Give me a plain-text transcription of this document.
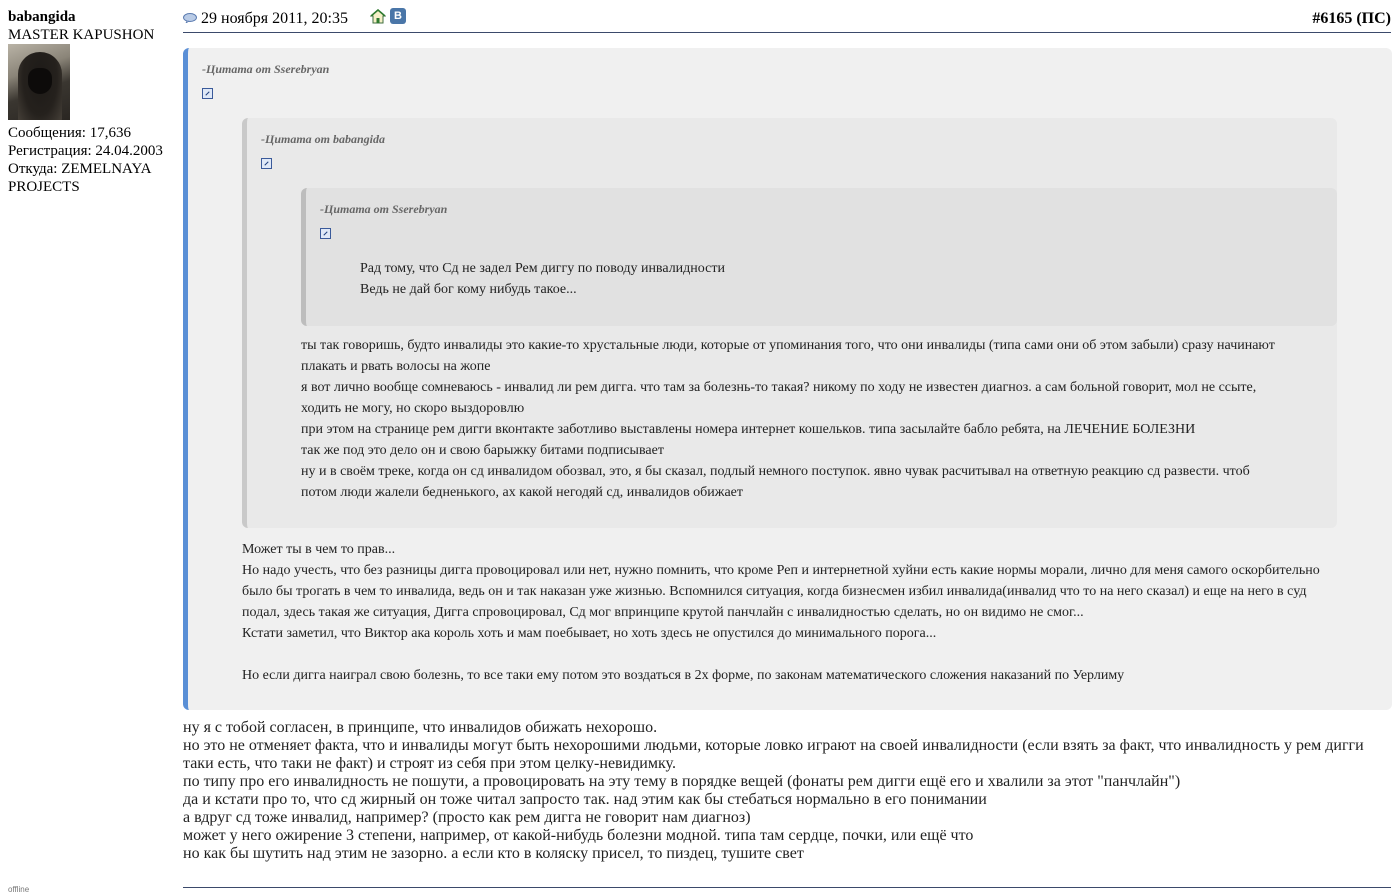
babangida
MASTER KAPUSHON
Сообщения: 17,636
Регистрация: 24.04.2003
Откуда: ZEMELNAYA PROJECTS
offline
29 ноября 2011, 20:35	В	#6165 (ПС)
-Цитата от Sserebryan
-Цитата от babangida
-Цитата от Sserebryan
Рад тому, что Сд не задел Рем диггу по поводу инвалидности
Ведь не дай бог кому нибудь такое...
ты так говоришь, будто инвалиды это какие-то хрустальные люди, которые от упоминания того, что они инвалиды (типа сами они об этом забыли) сразу начинают плакать и рвать волосы на жопе
я вот лично вообще сомневаюсь - инвалид ли рем дигга. что там за болезнь-то такая? никому по ходу не известен диагноз. а сам больной говорит, мол не ссыте, ходить не могу, но скоро выздоровлю
при этом на странице рем дигги вконтакте заботливо выставлены номера интернет кошельков. типа засылайте бабло ребята, на ЛЕЧЕНИЕ БОЛЕЗНИ
так же под это дело он и свою барыжку битами подписывает
ну и в своём треке, когда он сд инвалидом обозвал, это, я бы сказал, подлый немного поступок. явно чувак расчитывал на ответную реакцию сд развести. чтоб потом люди жалели бедненького, ах какой негодяй сд, инвалидов обижает
Может ты в чем то прав...
Но надо учесть, что без разницы дигга провоцировал или нет, нужно помнить, что кроме Реп и интернетной хуйни есть какие нормы морали, лично для меня самого оскорбительно было бы трогать в чем то инвалида, ведь он и так наказан уже жизнью. Вспомнился ситуация, когда бизнесмен избил инвалида(инвалид что то на него сказал) и еще на него в суд подал, здесь такая же ситуация, Дигга спровоцировал, Сд мог впринципе крутой панчлайн с инвалидностью сделать, но он видимо не смог...
Кстати заметил, что Виктор ака король хоть и мам поебывает, но хоть здесь не опустился до минимального порога...
Но если дигга наиграл свою болезнь, то все таки ему потом это воздаться в 2х форме, по законам математического сложения наказаний по Уерлиму
ну я с тобой согласен, в принципе, что инвалидов обижать нехорошо.
но это не отменяет факта, что и инвалиды могут быть нехорошими людьми, которые ловко играют на своей инвалидности (если взять за факт, что инвалидность у рем дигги таки есть, что таки не факт) и строят из себя при этом целку-невидимку.
по типу про его инвалидность не пошути, а провоцировать на эту тему в порядке вещей (фонаты рем дигги ещё его и хвалили за этот "панчлайн")
да и кстати про то, что сд жирный он тоже читал запросто так. над этим как бы стебаться нормально в его понимании
а вдруг сд тоже инвалид, например? (просто как рем дигга не говорит нам диагноз)
может у него ожирение 3 степени, например, от какой-нибудь болезни модной. типа там сердце, почки, или ещё что
но как бы шутить над этим не зазорно. а если кто в коляску присел, то пиздец, тушите свет
